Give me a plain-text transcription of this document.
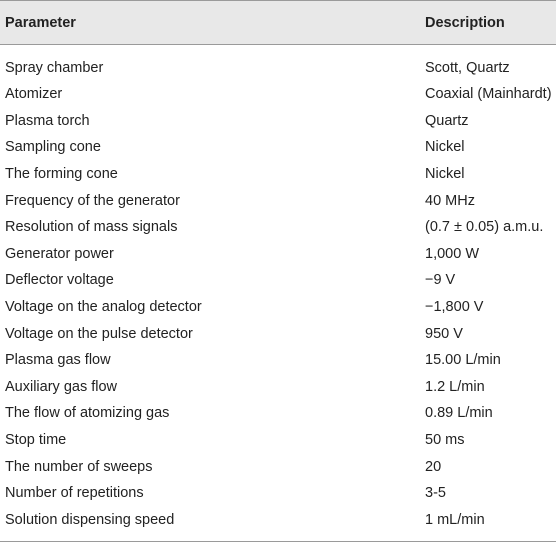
Parameter	Description
Spray chamber	Scott, Quartz
Atomizer	Coaxial (Mainhardt)
Plasma torch	Quartz
Sampling cone	Nickel
The forming cone	Nickel
Frequency of the generator	40 MHz
Resolution of mass signals	(0.7 ± 0.05) a.m.u.
Generator power	1,000 W
Deflector voltage	−9 V
Voltage on the analog detector	−1,800 V
Voltage on the pulse detector	950 V
Plasma gas flow	15.00 L/min
Auxiliary gas flow	1.2 L/min
The flow of atomizing gas	0.89 L/min
Stop time	50 ms
The number of sweeps	20
Number of repetitions	3-5
Solution dispensing speed	1 mL/min
